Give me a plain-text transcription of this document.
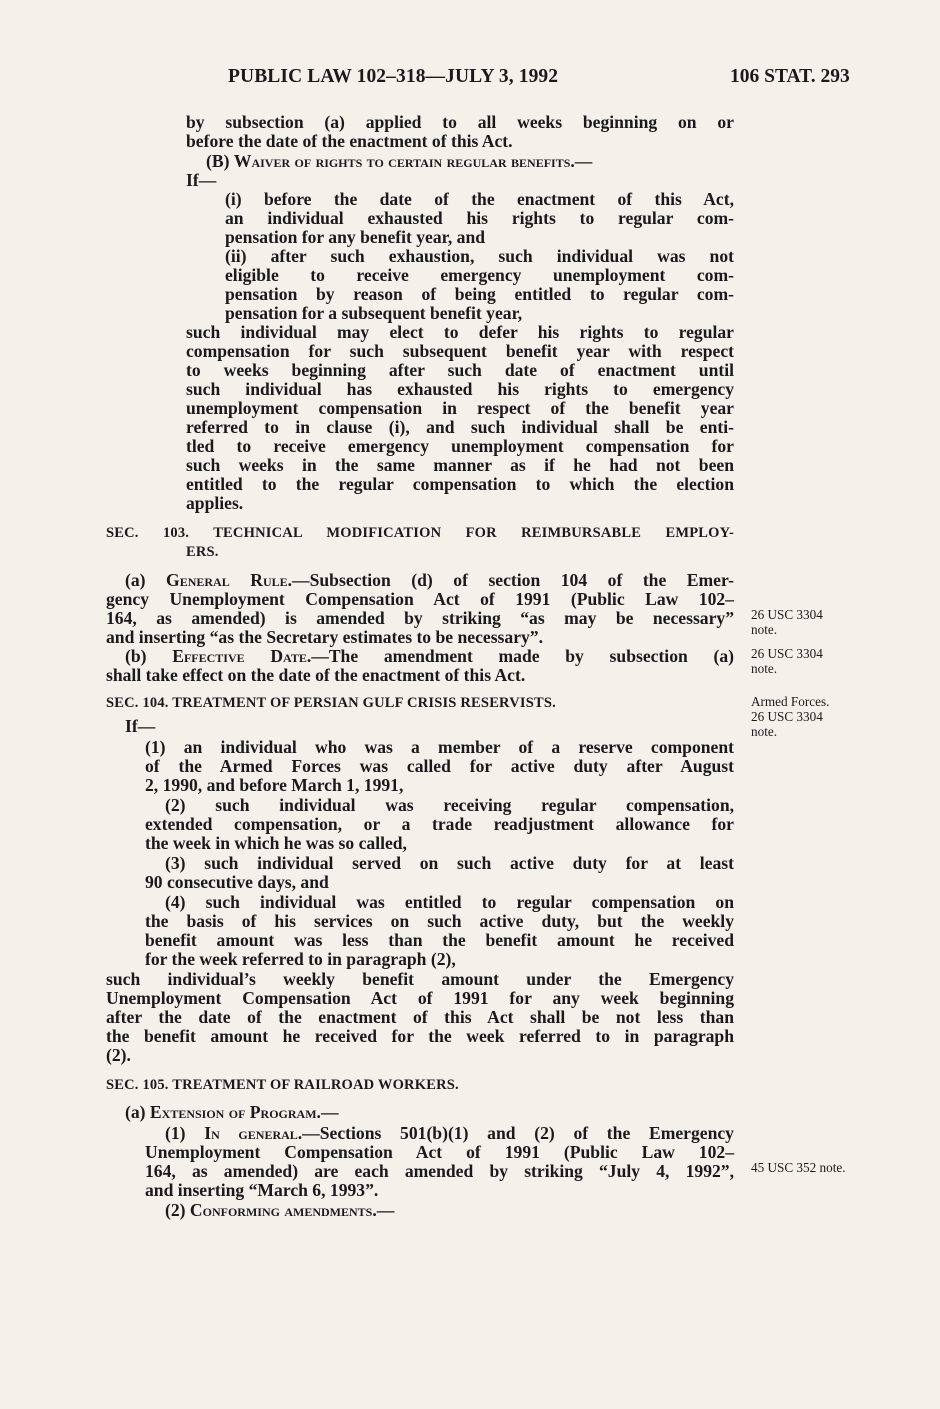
PUBLIC LAW 102–318—JULY 3, 1992	106 STAT. 293
by subsection (a) applied to all weeks beginning on or
before the date of the enactment of this Act.
(B) Waiver of rights to certain regular benefits.—
If—
(i) before the date of the enactment of this Act,
an individual exhausted his rights to regular com-
pensation for any benefit year, and
(ii) after such exhaustion, such individual was not
eligible to receive emergency unemployment com-
pensation by reason of being entitled to regular com-
pensation for a subsequent benefit year,
such individual may elect to defer his rights to regular
compensation for such subsequent benefit year with respect
to weeks beginning after such date of enactment until
such individual has exhausted his rights to emergency
unemployment compensation in respect of the benefit year
referred to in clause (i), and such individual shall be enti-
tled to receive emergency unemployment compensation for
such weeks in the same manner as if he had not been
entitled to the regular compensation to which the election
applies.
SEC. 103. TECHNICAL MODIFICATION FOR REIMBURSABLE EMPLOY-
ERS.
(a) General Rule.—Subsection (d) of section 104 of the Emer-
gency Unemployment Compensation Act of 1991 (Public Law 102–
164, as amended) is amended by striking “as may be necessary”
and inserting “as the Secretary estimates to be necessary”.
(b) Effective Date.—The amendment made by subsection (a)
shall take effect on the date of the enactment of this Act.
SEC. 104. TREATMENT OF PERSIAN GULF CRISIS RESERVISTS.
If—
(1) an individual who was a member of a reserve component
of the Armed Forces was called for active duty after August
2, 1990, and before March 1, 1991,
(2) such individual was receiving regular compensation,
extended compensation, or a trade readjustment allowance for
the week in which he was so called,
(3) such individual served on such active duty for at least
90 consecutive days, and
(4) such individual was entitled to regular compensation on
the basis of his services on such active duty, but the weekly
benefit amount was less than the benefit amount he received
for the week referred to in paragraph (2),
such individual’s weekly benefit amount under the Emergency
Unemployment Compensation Act of 1991 for any week beginning
after the date of the enactment of this Act shall be not less than
the benefit amount he received for the week referred to in paragraph
(2).
SEC. 105. TREATMENT OF RAILROAD WORKERS.
(a) Extension of Program.—
(1) In general.—Sections 501(b)(1) and (2) of the Emergency
Unemployment Compensation Act of 1991 (Public Law 102–
164, as amended) are each amended by striking “July 4, 1992”,
and inserting “March 6, 1993”.
(2) Conforming amendments.—
26 USC 3304
note.
26 USC 3304
note.
Armed Forces.
26 USC 3304
note.
45 USC 352 note.
